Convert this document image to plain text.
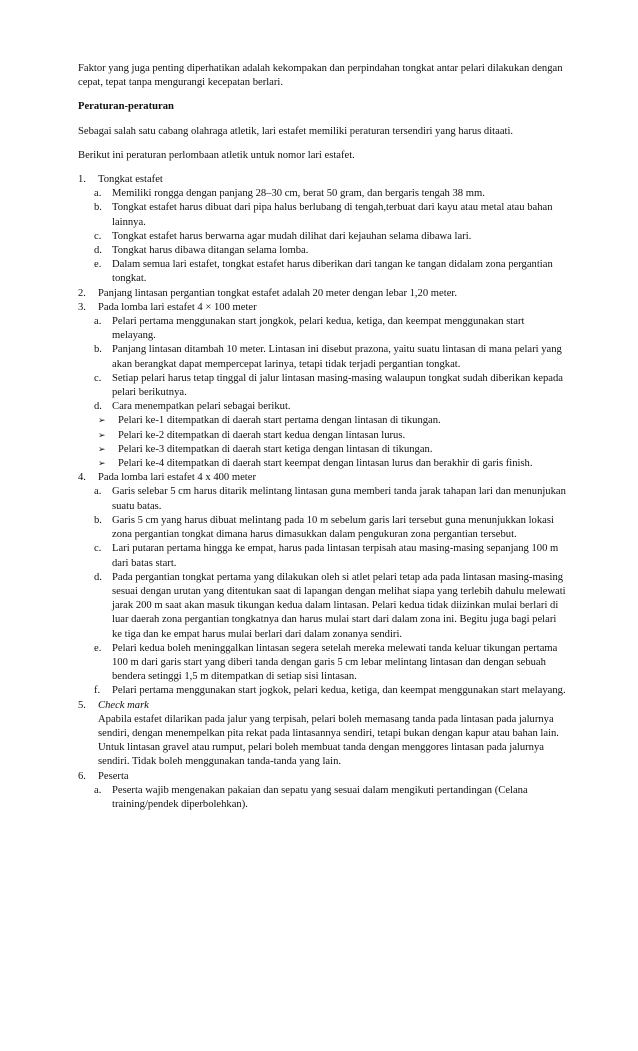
Faktor yang juga penting diperhatikan adalah kekompakan dan perpindahan tongkat antar pelari dilakukan dengan cepat, tepat tanpa mengurangi kecepatan berlari.

Peraturan-peraturan

Sebagai salah satu cabang olahraga atletik, lari estafet memiliki peraturan tersendiri yang harus ditaati.

Berikut ini peraturan perlombaan atletik untuk nomor lari estafet.

1. Tongkat estafet
a. Memiliki rongga dengan panjang 28–30 cm, berat 50 gram, dan bergaris tengah 38 mm.
b. Tongkat estafet harus dibuat dari pipa halus berlubang di tengah,terbuat dari kayu atau metal atau bahan lainnya.
c. Tongkat estafet harus berwarna agar mudah dilihat dari kejauhan selama dibawa lari.
d. Tongkat harus dibawa ditangan selama lomba.
e. Dalam semua lari estafet, tongkat estafet harus diberikan dari tangan ke tangan didalam zona pergantian tongkat.
2. Panjang lintasan pergantian tongkat estafet adalah 20 meter dengan lebar 1,20 meter.
3. Pada lomba lari estafet 4 × 100 meter
a. Pelari pertama menggunakan start jongkok, pelari kedua, ketiga, dan keempat menggunakan start melayang.
b. Panjang lintasan ditambah 10 meter. Lintasan ini disebut prazona, yaitu suatu lintasan di mana pelari yang akan berangkat dapat mempercepat larinya, tetapi tidak terjadi pergantian tongkat.
c. Setiap pelari harus tetap tinggal di jalur lintasan masing-masing walaupun tongkat sudah diberikan kepada pelari berikutnya.
d. Cara menempatkan pelari sebagai berikut.
➢ Pelari ke-1 ditempatkan di daerah start pertama dengan lintasan di tikungan.
➢ Pelari ke-2 ditempatkan di daerah start kedua dengan lintasan lurus.
➢ Pelari ke-3 ditempatkan di daerah start ketiga dengan lintasan di tikungan.
➢ Pelari ke-4 ditempatkan di daerah start keempat dengan lintasan lurus dan berakhir di garis finish.
4. Pada lomba lari estafet 4 x 400 meter
a. Garis selebar 5 cm harus ditarik melintang lintasan guna memberi tanda jarak tahapan lari dan menunjukan suatu batas.
b. Garis 5 cm yang harus dibuat melintang pada 10 m sebelum garis lari tersebut guna menunjukkan lokasi zona pergantian tongkat dimana harus dimasukkan dalam pengukuran zona pergantian tersebut.
c. Lari putaran pertama hingga ke empat, harus pada lintasan terpisah atau masing-masing sepanjang 100 m dari batas start.
d. Pada pergantian tongkat pertama yang dilakukan oleh si atlet pelari tetap ada pada lintasan masing-masing sesuai dengan urutan yang ditentukan saat di lapangan dengan melihat siapa yang terlebih dahulu melewati jarak 200 m saat akan masuk tikungan kedua dalam lintasan. Pelari kedua tidak diizinkan mulai berlari di luar daerah zona pergantian tongkatnya dan harus mulai start dari dalam zona ini. Begitu juga bagi pelari ke tiga dan ke empat harus mulai berlari dari dalam zonanya sendiri.
e. Pelari kedua boleh meninggalkan lintasan segera setelah mereka melewati tanda keluar tikungan pertama 100 m dari garis start yang diberi tanda dengan garis 5 cm lebar melintang lintasan dan dengan sebuah bendera setinggi 1,5 m ditempatkan di setiap sisi lintasan.
f. Pelari pertama menggunakan start jogkok, pelari kedua, ketiga, dan keempat menggunakan start melayang.
5. Check mark
Apabila estafet dilarikan pada jalur yang terpisah, pelari boleh memasang tanda pada lintasan pada jalurnya sendiri, dengan menempelkan pita rekat pada lintasannya sendiri, tetapi bukan dengan kapur atau bahan lain. Untuk lintasan gravel atau rumput, pelari boleh membuat tanda dengan menggores lintasan pada jalurnya sendiri. Tidak boleh menggunakan tanda-tanda yang lain.
6. Peserta
a. Peserta wajib mengenakan pakaian dan sepatu yang sesuai dalam mengikuti pertandingan (Celana training/pendek diperbolehkan).
